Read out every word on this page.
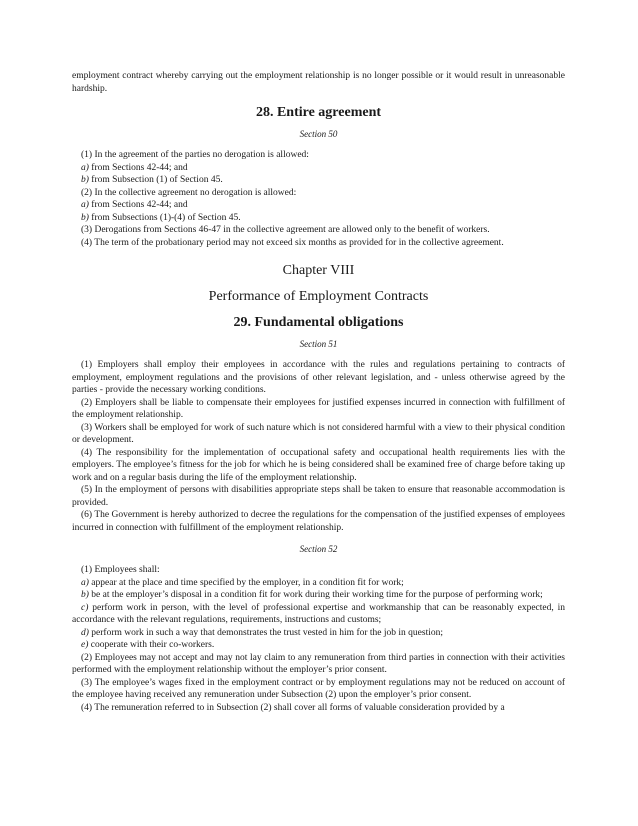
employment contract whereby carrying out the employment relationship is no longer possible or it would result in unreasonable hardship.

28. Entire agreement

Section 50

(1) In the agreement of the parties no derogation is allowed:
a) from Sections 42-44; and
b) from Subsection (1) of Section 45.
(2) In the collective agreement no derogation is allowed:
a) from Sections 42-44; and
b) from Subsections (1)-(4) of Section 45.
(3) Derogations from Sections 46-47 in the collective agreement are allowed only to the benefit of workers.
(4) The term of the probationary period may not exceed six months as provided for in the collective agreement.

Chapter VIII

Performance of Employment Contracts

29. Fundamental obligations

Section 51

(1) Employers shall employ their employees in accordance with the rules and regulations pertaining to contracts of employment, employment regulations and the provisions of other relevant legislation, and - unless otherwise agreed by the parties - provide the necessary working conditions.

(2) Employers shall be liable to compensate their employees for justified expenses incurred in connection with fulfillment of the employment relationship.

(3) Workers shall be employed for work of such nature which is not considered harmful with a view to their physical condition or development.

(4) The responsibility for the implementation of occupational safety and occupational health requirements lies with the employers. The employee’s fitness for the job for which he is being considered shall be examined free of charge before taking up work and on a regular basis during the life of the employment relationship.

(5) In the employment of persons with disabilities appropriate steps shall be taken to ensure that reasonable accommodation is provided.

(6) The Government is hereby authorized to decree the regulations for the compensation of the justified expenses of employees incurred in connection with fulfillment of the employment relationship.

Section 52

(1) Employees shall:
a) appear at the place and time specified by the employer, in a condition fit for work;
b) be at the employer’s disposal in a condition fit for work during their working time for the purpose of performing work;
c) perform work in person, with the level of professional expertise and workmanship that can be reasonably expected, in accordance with the relevant regulations, requirements, instructions and customs;
d) perform work in such a way that demonstrates the trust vested in him for the job in question;
e) cooperate with their co-workers.
(2) Employees may not accept and may not lay claim to any remuneration from third parties in connection with their activities performed with the employment relationship without the employer’s prior consent.
(3) The employee’s wages fixed in the employment contract or by employment regulations may not be reduced on account of the employee having received any remuneration under Subsection (2) upon the employer’s prior consent.
(4) The remuneration referred to in Subsection (2) shall cover all forms of valuable consideration provided by a
